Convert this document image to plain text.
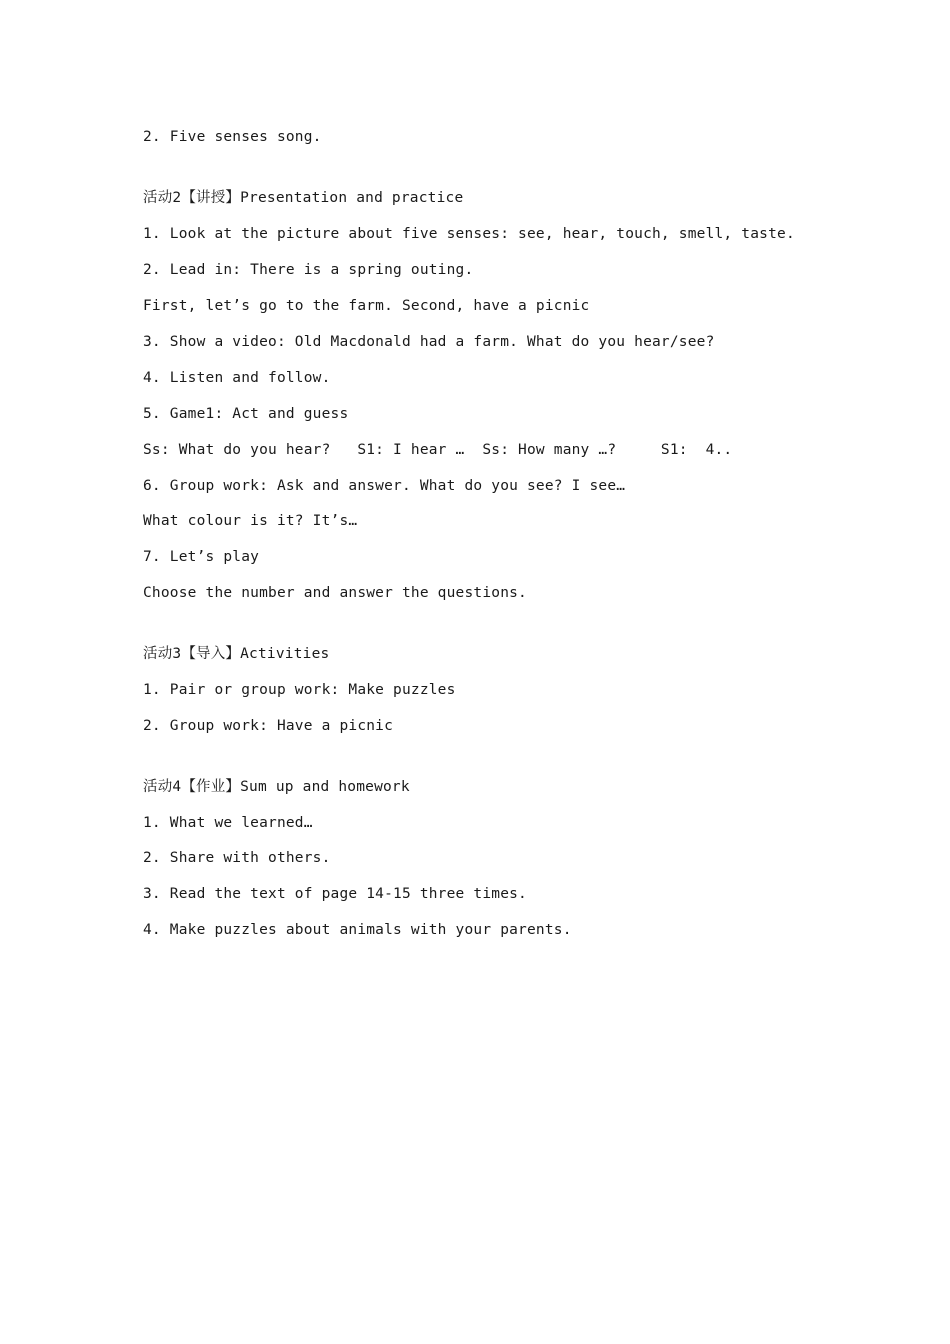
2. Five senses song.
活动2【讲授】Presentation and practice
1. Look at the picture about five senses: see, hear, touch, smell, taste.
2. Lead in: There is a spring outing.
First, let’s go to the farm. Second, have a picnic
3. Show a video: Old Macdonald had a farm. What do you hear/see?
4. Listen and follow.
5. Game1: Act and guess
Ss: What do you hear?   S1: I hear …  Ss: How many …?     S1:  4..
6. Group work: Ask and answer. What do you see? I see…
What colour is it? It’s…
7. Let’s play
Choose the number and answer the questions.
活动3【导入】Activities
1. Pair or group work: Make puzzles
2. Group work: Have a picnic
活动4【作业】Sum up and homework
1. What we learned…
2. Share with others.
3. Read the text of page 14-15 three times.
4. Make puzzles about animals with your parents.
